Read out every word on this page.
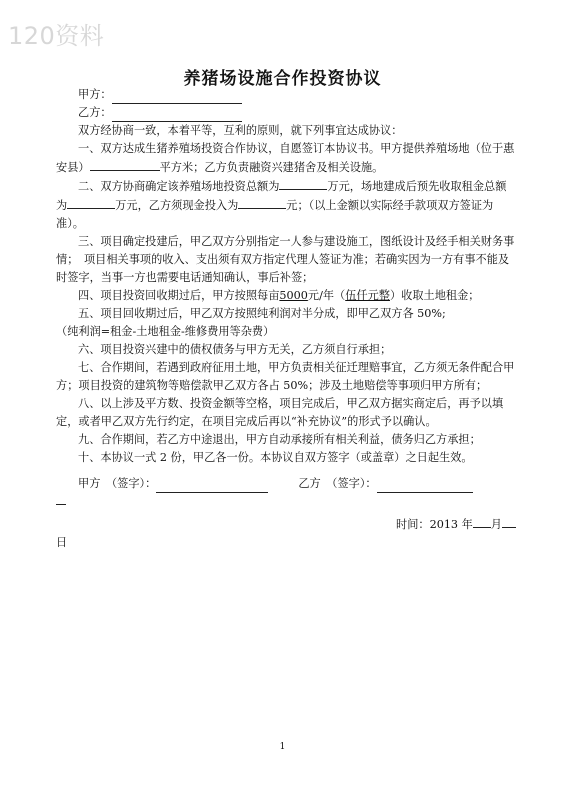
120资料
养猪场设施合作投资协议
甲方：
乙方：

双方经协商一致，本着平等，互利的原则，就下列事宜达成协议：

一、双方达成生猪养殖场投资合作协议，自愿签订本协议书。甲方提供养殖场地（位于惠安县）	平方米；乙方负责融资兴建猪舍及相关设施。

二、双方协商确定该养殖场地投资总额为	万元，场地建成后预先收取租金总额为	万元，乙方须现金投入为	元；（以上金额以实际经手款项双方签证为准）。

三、项目确定投建后，甲乙双方分别指定一人参与建设施工，图纸设计及经手相关财务事情；　项目相关事项的收入、支出须有双方指定代理人签证为准；若确实因为一方有事不能及时签字，当事一方也需要电话通知确认，事后补签；

四、项目投资回收期过后，甲方按照每亩5000元/年（伍仟元整）收取土地租金；

五、项目回收期过后，甲乙双方按照纯利润对半分成，即甲乙双方各 50%;
（纯利润=租金-土地租金-维修费用等杂费）

六、项目投资兴建中的债权债务与甲方无关，乙方须自行承担；

七、合作期间，若遇到政府征用土地，甲方负责相关征迁理赔事宜，乙方须无条件配合甲方；项目投资的建筑物等赔偿款甲乙双方各占 50%；涉及土地赔偿等事项归甲方所有；

八、以上涉及平方数、投资金额等空格，项目完成后，甲乙双方据实商定后，再予以填定，或者甲乙双方先行约定，在项目完成后再以“补充协议”的形式予以确认。

九、合作期间，若乙方中途退出，甲方自动承接所有相关利益，债务归乙方承担；

十、本协议一式 2 份，甲乙各一份。本协议自双方签字（或盖章）之日起生效。

甲方　（签字）：	乙方　（签字）：
时间：2013 年 月
日
1
